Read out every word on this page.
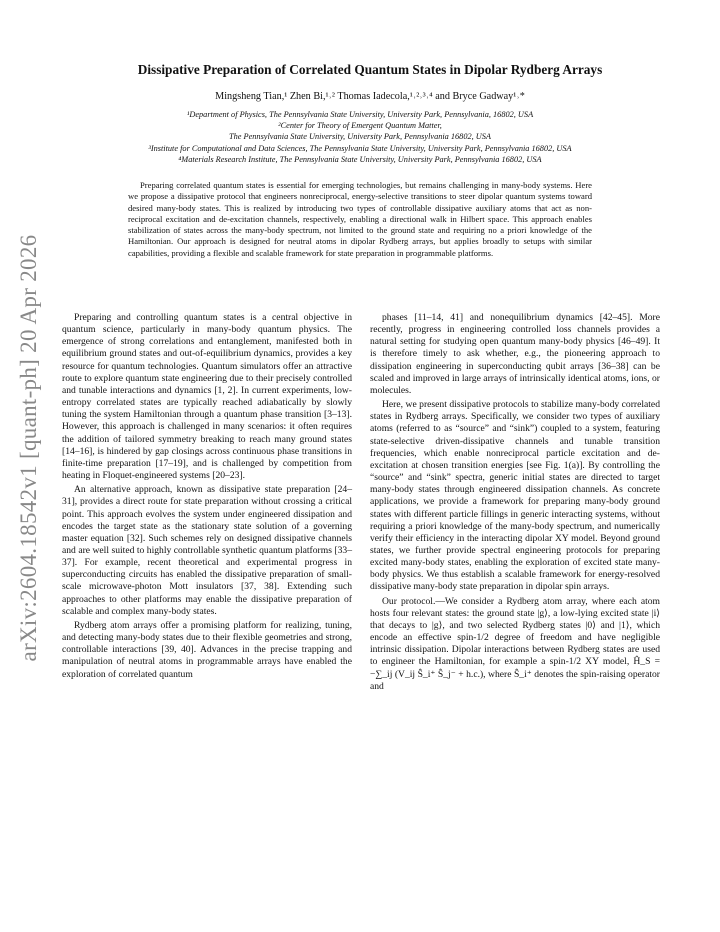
arXiv:2604.18542v1 [quant-ph] 20 Apr 2026
Dissipative Preparation of Correlated Quantum States in Dipolar Rydberg Arrays
Mingsheng Tian,¹ Zhen Bi,¹˒² Thomas Iadecola,¹˒²˒³˒⁴ and Bryce Gadway¹˒*
¹Department of Physics, The Pennsylvania State University, University Park, Pennsylvania, 16802, USA
²Center for Theory of Emergent Quantum Matter,
The Pennsylvania State University, University Park, Pennsylvania 16802, USA
³Institute for Computational and Data Sciences, The Pennsylvania State University, University Park, Pennsylvania 16802, USA
⁴Materials Research Institute, The Pennsylvania State University, University Park, Pennsylvania 16802, USA
Preparing correlated quantum states is essential for emerging technologies, but remains challenging in many-body systems. Here we propose a dissipative protocol that engineers nonreciprocal, energy-selective transitions to steer dipolar quantum systems toward desired many-body states. This is realized by introducing two types of controllable dissipative auxiliary atoms that act as non-reciprocal excitation and de-excitation channels, respectively, enabling a directional walk in Hilbert space. This approach enables stabilization of states across the many-body spectrum, not limited to the ground state and requiring no a priori knowledge of the Hamiltonian. Our approach is designed for neutral atoms in dipolar Rydberg arrays, but applies broadly to setups with similar capabilities, providing a flexible and scalable framework for state preparation in programmable platforms.

Preparing and controlling quantum states is a central objective in quantum science, particularly in many-body quantum physics. The emergence of strong correlations and entanglement, manifested both in equilibrium ground states and out-of-equilibrium dynamics, provides a key resource for quantum technologies. Quantum simulators offer an attractive route to explore quantum state engineering due to their precisely controlled and tunable interactions and dynamics [1, 2]. In current experiments, low-entropy correlated states are typically reached adiabatically by slowly tuning the system Hamiltonian through a quantum phase transition [3–13]. However, this approach is challenged in many scenarios: it often requires the addition of tailored symmetry breaking to reach many ground states [14–16], is hindered by gap closings across continuous phase transitions in finite-time preparation [17–19], and is challenged by competition from heating in Floquet-engineered systems [20–23].

An alternative approach, known as dissipative state preparation [24–31], provides a direct route for state preparation without crossing a critical point. This approach evolves the system under engineered dissipation and encodes the target state as the stationary state solution of a governing master equation [32]. Such schemes rely on designed dissipative channels and are well suited to highly controllable synthetic quantum platforms [33–37]. For example, recent theoretical and experimental progress in superconducting circuits has enabled the dissipative preparation of small-scale microwave-photon Mott insulators [37, 38]. Extending such approaches to other platforms may enable the dissipative preparation of scalable and complex many-body states.

Rydberg atom arrays offer a promising platform for realizing, tuning, and detecting many-body states due to their flexible geometries and strong, controllable interactions [39, 40]. Advances in the precise trapping and manipulation of neutral atoms in programmable arrays have enabled the exploration of correlated quantum

phases [11–14, 41] and nonequilibrium dynamics [42–45]. More recently, progress in engineering controlled loss channels provides a natural setting for studying open quantum many-body physics [46–49]. It is therefore timely to ask whether, e.g., the pioneering approach to dissipation engineering in superconducting qubit arrays [36–38] can be scaled and improved in large arrays of intrinsically identical atoms, ions, or molecules.

Here, we present dissipative protocols to stabilize many-body correlated states in Rydberg arrays. Specifically, we consider two types of auxiliary atoms (referred to as “source” and “sink”) coupled to a system, featuring state-selective driven-dissipative channels and tunable transition frequencies, which enable nonreciprocal particle excitation and de-excitation at chosen transition energies [see Fig. 1(a)]. By controlling the “source” and “sink” spectra, generic initial states are directed to target many-body states through engineered dissipation channels. As concrete applications, we provide a framework for preparing many-body ground states with different particle fillings in generic interacting systems, without requiring a priori knowledge of the many-body spectrum, and numerically verify their efficiency in the interacting dipolar XY model. Beyond ground states, we further provide spectral engineering protocols for preparing excited many-body states, enabling the exploration of excited state many-body physics. We thus establish a scalable framework for energy-resolved dissipative many-body state preparation in dipolar spin arrays.

Our protocol.—We consider a Rydberg atom array, where each atom hosts four relevant states: the ground state |g⟩, a low-lying excited state |i⟩ that decays to |g⟩, and two selected Rydberg states |0⟩ and |1⟩, which encode an effective spin-1/2 degree of freedom and have negligible intrinsic dissipation. Dipolar interactions between Rydberg states are used to engineer the Hamiltonian, for example a spin-1/2 XY model, Ĥ_S = −∑_ij (V_ij Ŝ_i⁺ Ŝ_j⁻ + h.c.), where Ŝ_i⁺ denotes the spin-raising operator and
